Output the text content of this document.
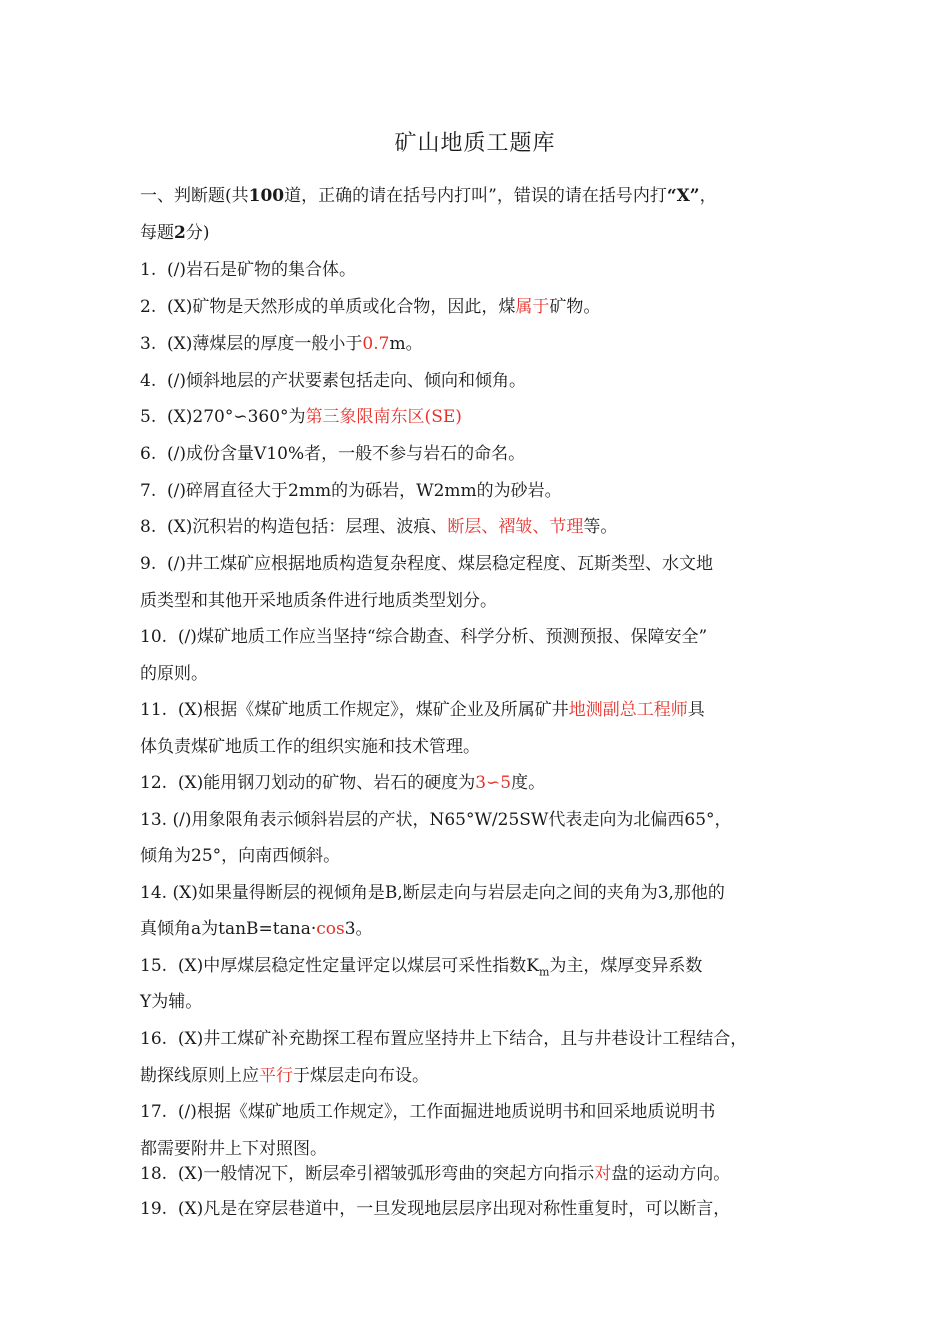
矿山地质工题库
一、判断题(共100道，正确的请在括号内打叫”，错误的请在括号内打“X”，
每题2分)
1. (/)岩石是矿物的集合体。
2. (X)矿物是天然形成的单质或化合物，因此，煤属于矿物。
3. (X)薄煤层的厚度一般小于0.7m。
4. (/)倾斜地层的产状要素包括走向、倾向和倾角。
5. (X)270°∽360°为第三象限南东区(SE)
6. (/)成份含量V10%者，一般不参与岩石的命名。
7. (/)碎屑直径大于2mm的为砾岩，W2mm的为砂岩。
8. (X)沉积岩的构造包括：层理、波痕、断层、褶皱、节理等。
9. (/)井工煤矿应根据地质构造复杂程度、煤层稳定程度、瓦斯类型、水文地
质类型和其他开采地质条件进行地质类型划分。
10. (/)煤矿地质工作应当坚持“综合勘查、科学分析、预测预报、保障安全”
的原则。
11. (X)根据《煤矿地质工作规定》，煤矿企业及所属矿井地测副总工程师具
体负责煤矿地质工作的组织实施和技术管理。
12. (X)能用钢刀划动的矿物、岩石的硬度为3∽5度。
13. (/)用象限角表示倾斜岩层的产状，N65°W/25SW代表走向为北偏西65°，
倾角为25°，向南西倾斜。
14. (X)如果量得断层的视倾角是B,断层走向与岩层走向之间的夹角为3,那他的
真倾角a为tanB=tana·cos3。
15. (X)中厚煤层稳定性定量评定以煤层可采性指数$K_m$为主，煤厚变异系数
Y为辅。
16. (X)井工煤矿补充勘探工程布置应坚持井上下结合，且与井巷设计工程结合，
勘探线原则上应平行于煤层走向布设。
17. (/)根据《煤矿地质工作规定》，工作面掘进地质说明书和回采地质说明书
都需要附井上下对照图。
18. (X)一般情况下，断层牵引褶皱弧形弯曲的突起方向指示对盘的运动方向。
19. (X)凡是在穿层巷道中，一旦发现地层层序出现对称性重复时，可以断言，
